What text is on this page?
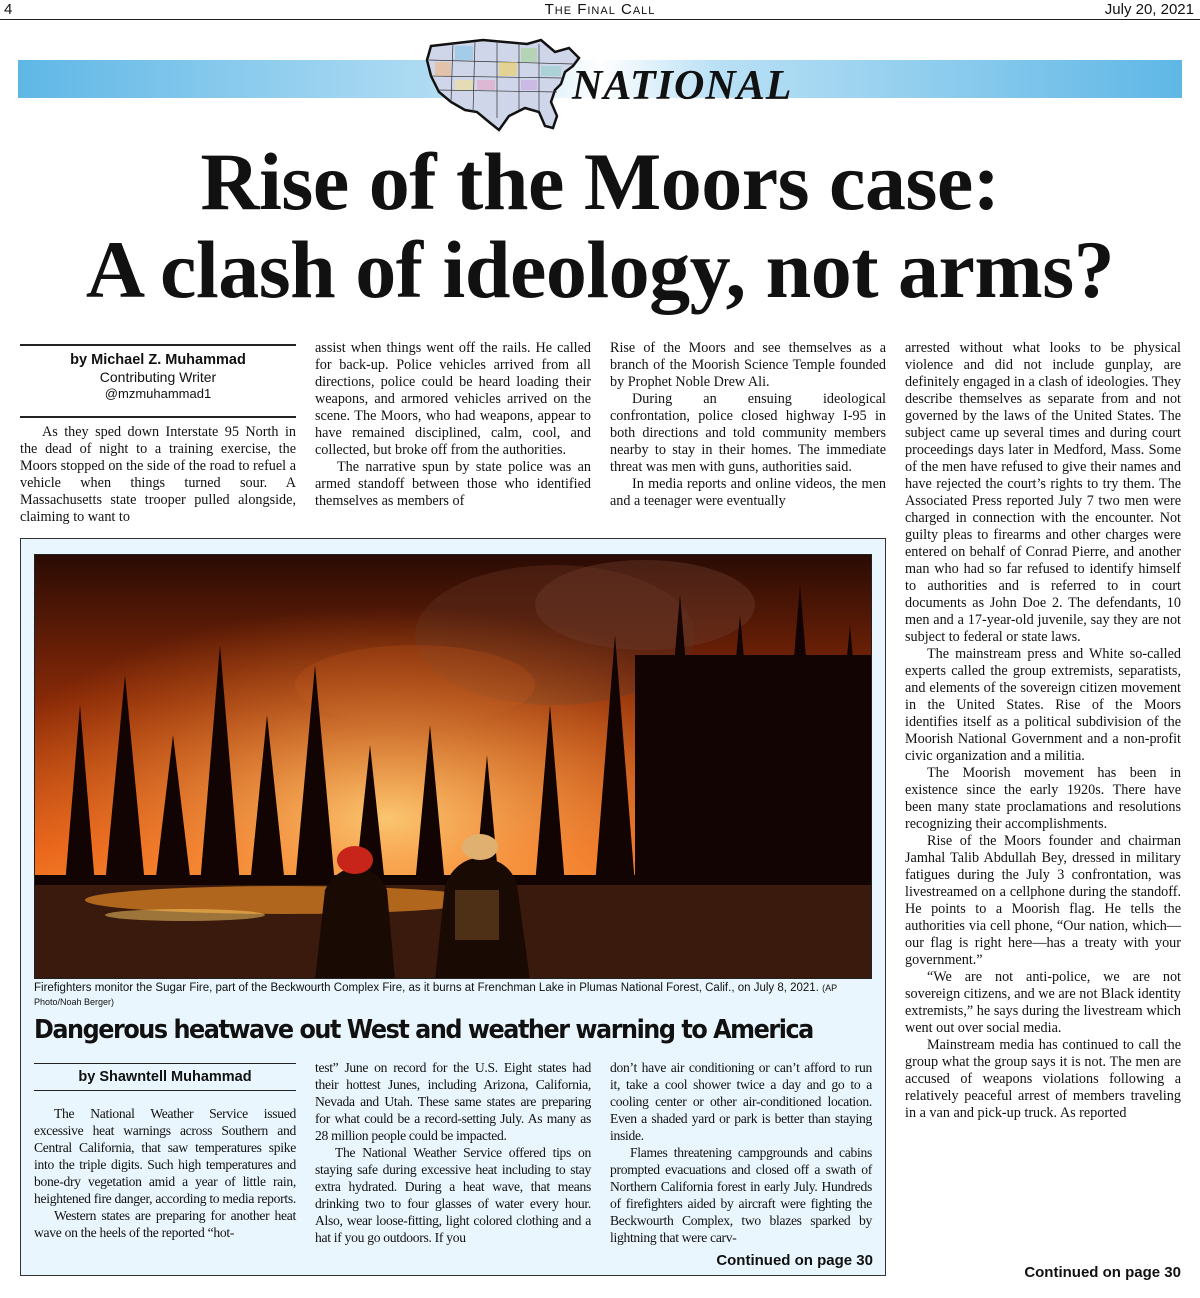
4	The Final Call	July 20, 2021
NATIONAL
Rise of the Moors case:
A clash of ideology, not arms?
by Michael Z. Muhammad
Contributing Writer
@mzmuhammad1

As they sped down Interstate 95 North in the dead of night to a training exercise, the Moors stopped on the side of the road to refuel a vehicle when things turned sour. A Massachusetts state trooper pulled alongside, claiming to want to

assist when things went off the rails. He called for back-up. Police vehicles arrived from all directions, police could be heard loading their weapons, and armored vehicles arrived on the scene. The Moors, who had weapons, appear to have remained disciplined, calm, cool, and collected, but broke off from the authorities.

The narrative spun by state police was an armed standoff between those who identified themselves as members of

Rise of the Moors and see themselves as a branch of the Moorish Science Temple founded by Prophet Noble Drew Ali.

During an ensuing ideological confrontation, police closed highway I-95 in both directions and told community members nearby to stay in their homes. The immediate threat was men with guns, authorities said.

In media reports and online videos, the men and a teenager were eventually

arrested without what looks to be physical violence and did not include gunplay, are definitely engaged in a clash of ideologies. They describe themselves as separate from and not governed by the laws of the United States. The subject came up several times and during court proceedings days later in Medford, Mass. Some of the men have refused to give their names and have rejected the court’s rights to try them. The Associated Press reported July 7 two men were charged in connection with the encounter. Not guilty pleas to firearms and other charges were entered on behalf of Conrad Pierre, and another man who had so far refused to identify himself to authorities and is referred to in court documents as John Doe 2. The defendants, 10 men and a 17-year-old juvenile, say they are not subject to federal or state laws.

The mainstream press and White so-called experts called the group extremists, separatists, and elements of the sovereign citizen movement in the United States. Rise of the Moors identifies itself as a political subdivision of the Moorish National Government and a non-profit civic organization and a militia.

The Moorish movement has been in existence since the early 1920s. There have been many state proclamations and resolutions recognizing their accomplishments.

Rise of the Moors founder and chairman Jamhal Talib Abdullah Bey, dressed in military fatigues during the July 3 confrontation, was livestreamed on a cellphone during the standoff. He points to a Moorish flag. He tells the authorities via cell phone, “Our nation, which—our flag is right here—has a treaty with your government.”

“We are not anti-police, we are not sovereign citizens, and we are not Black identity extremists,” he says during the livestream which went out over social media.

Mainstream media has continued to call the group what the group says it is not. The men are accused of weapons violations following a relatively peaceful arrest of members traveling in a van and pick-up truck. As reported

Continued on page 30
Firefighters monitor the Sugar Fire, part of the Beckwourth Complex Fire, as it burns at Frenchman Lake in Plumas National Forest, Calif., on July 8, 2021. (AP Photo/Noah Berger)
Dangerous heatwave out West and weather warning to America
by Shawntell Muhammad

The National Weather Service issued excessive heat warnings across Southern and Central California, that saw temperatures spike into the triple digits. Such high temperatures and bone-dry vegetation amid a year of little rain, heightened fire danger, according to media reports.

Western states are preparing for another heat wave on the heels of the reported “hot-

test” June on record for the U.S. Eight states had their hottest Junes, including Arizona, California, Nevada and Utah. These same states are preparing for what could be a record-setting July. As many as 28 million people could be impacted.

The National Weather Service offered tips on staying safe during excessive heat including to stay extra hydrated. During a heat wave, that means drinking two to four glasses of water every hour. Also, wear loose-fitting, light colored clothing and a hat if you go outdoors. If you

don’t have air conditioning or can’t afford to run it, take a cool shower twice a day and go to a cooling center or other air-conditioned location. Even a shaded yard or park is better than staying inside.

Flames threatening campgrounds and cabins prompted evacuations and closed off a swath of Northern California forest in early July. Hundreds of firefighters aided by aircraft were fighting the Beckwourth Complex, two blazes sparked by lightning that were carv-

Continued on page 30
